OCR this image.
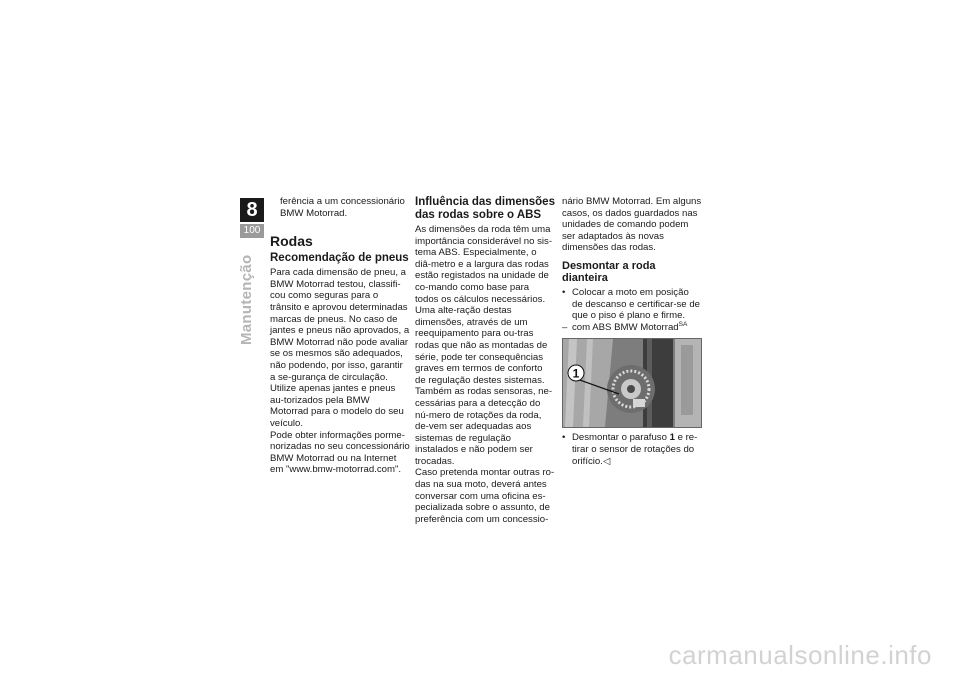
8
100
Manutenção

ferência a um concessionário

BMW Motorrad.

Rodas
Recomendação de pneus

Para cada dimensão de pneu, a BMW Motorrad testou, classifi-cou como seguras para o trânsito e aprovou determinadas marcas de pneus. No caso de jantes e pneus não aprovados, a BMW Motorrad não pode avaliar se os mesmos são adequados, não podendo, por isso, garantir a se-gurança de circulação.

Utilize apenas jantes e pneus au-torizados pela BMW Motorrad para o modelo do seu veículo.

Pode obter informações porme-norizadas no seu concessionário BMW Motorrad ou na Internet em "www.bmw-motorrad.com".

Influência das dimensões das rodas sobre o ABS

As dimensões da roda têm uma importância considerável no sis-tema ABS. Especialmente, o diâ-metro e a largura das rodas estão registados na unidade de co-mando como base para todos os cálculos necessários. Uma alte-ração destas dimensões, através de um reequipamento para ou-tras rodas que não as montadas de série, pode ter consequências graves em termos de conforto de regulação destes sistemas.

Também as rodas sensoras, ne-cessárias para a detecção do nú-mero de rotações da roda, de-vem ser adequadas aos sistemas de regulação instalados e não podem ser trocadas.

Caso pretenda montar outras ro-das na sua moto, deverá antes conversar com uma oficina es-pecializada sobre o assunto, de preferência com um concessio-

nário BMW Motorrad. Em alguns casos, os dados guardados nas unidades de comando podem ser adaptados às novas dimensões das rodas.

Desmontar a roda dianteira

• Colocar a moto em posição de descanso e certificar-se de que o piso é plano e firme.

– com ABS BMW Motorrad$^{SA}$

1

• Desmontar o parafuso 1 e re-tirar o sensor de rotações do orifício.◁

carmanualsonline.info
